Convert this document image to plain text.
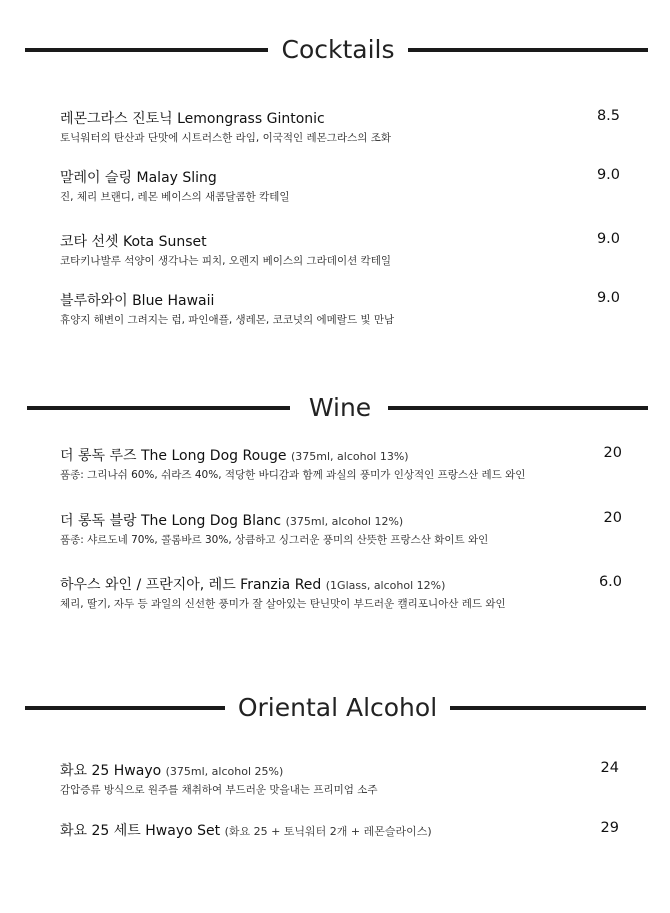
Cocktails
레몬그라스 진토닉 Lemongrass Gintonic	8.5
토닉워터의 탄산과 단맛에 시트러스한 라임, 이국적인 레몬그라스의 조화
말레이 슬링 Malay Sling	9.0
진, 체리 브랜디, 레몬 베이스의 새콤달콤한 칵테일
코타 선셋 Kota Sunset	9.0
코타키나발루 석양이 생각나는 피치, 오렌지 베이스의 그라데이션 칵테일
블루하와이 Blue Hawaii	9.0
휴양지 해변이 그려지는 럼, 파인애플, 생레몬, 코코넛의 에메랄드 빛 만남
Wine
더 롱독 루즈 The Long Dog Rouge (375ml, alcohol 13%)	20
품종: 그리나쉬 60%, 쉬라즈 40%, 적당한 바디감과 함께 과실의 풍미가 인상적인 프랑스산 레드 와인
더 롱독 블랑 The Long Dog Blanc (375ml, alcohol 12%)	20
품종: 샤르도네 70%, 콜롬바르 30%, 상큼하고 싱그러운 풍미의 산뜻한 프랑스산 화이트 와인
하우스 와인 / 프란지아, 레드 Franzia Red (1Glass, alcohol 12%)	6.0
체리, 딸기, 자두 등 과일의 신선한 풍미가 잘 살아있는 탄닌맛이 부드러운 캘리포니아산 레드 와인
Oriental Alcohol
화요 25 Hwayo (375ml, alcohol 25%)	24
감압증류 방식으로 원주를 채취하여 부드러운 맛을내는 프리미엄 소주
화요 25 세트 Hwayo Set (화요 25 + 토닉워터 2개 + 레몬슬라이스)	29
